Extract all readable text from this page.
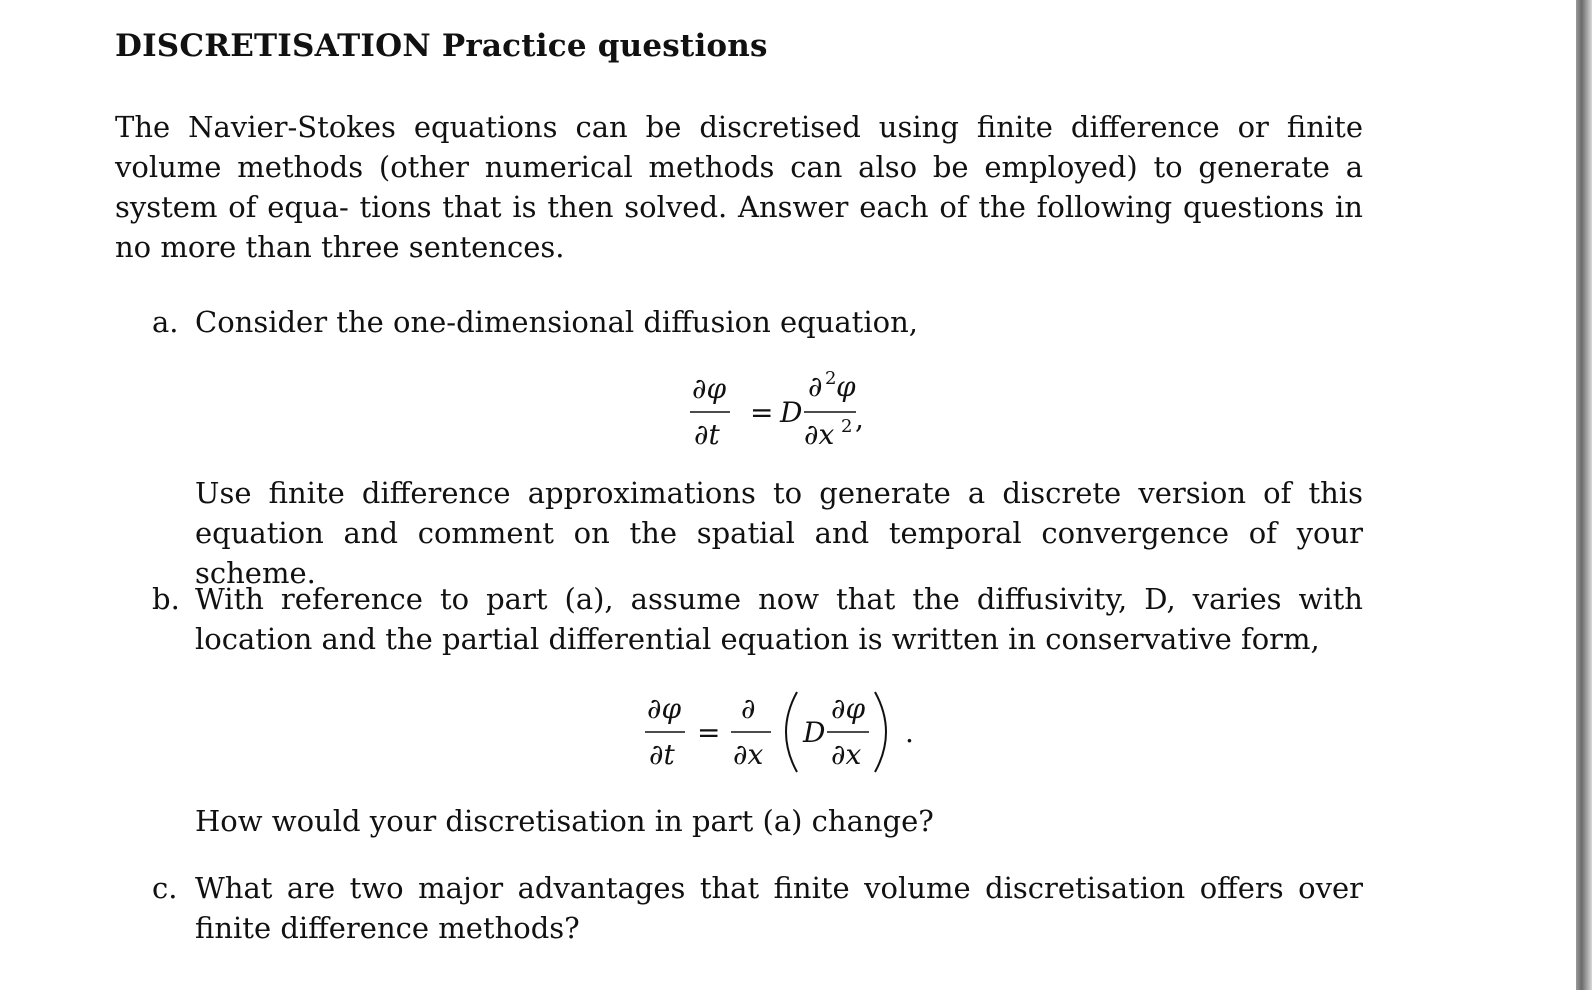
DISCRETISATION Practice questions

The Navier-Stokes equations can be discretised using finite difference or finite volume methods (other numerical methods can also be employed) to generate a system of equa- tions that is then solved. Answer each of the following questions in no more than three sentences.

a. Consider the one-dimensional diffusion equation,
∂φ
∂t
= D
∂ 2 φ
∂x 2 ,

Use finite difference approximations to generate a discrete version of this equation and comment on the spatial and temporal convergence of your scheme.

b. With reference to part (a), assume now that the diffusivity, D, varies with location and the partial differential equation is written in conservative form,
∂φ
∂t
=
∂
∂x
D
∂φ
∂x
.

How would your discretisation in part (a) change?

c. What are two major advantages that finite volume discretisation offers over finite difference methods?
